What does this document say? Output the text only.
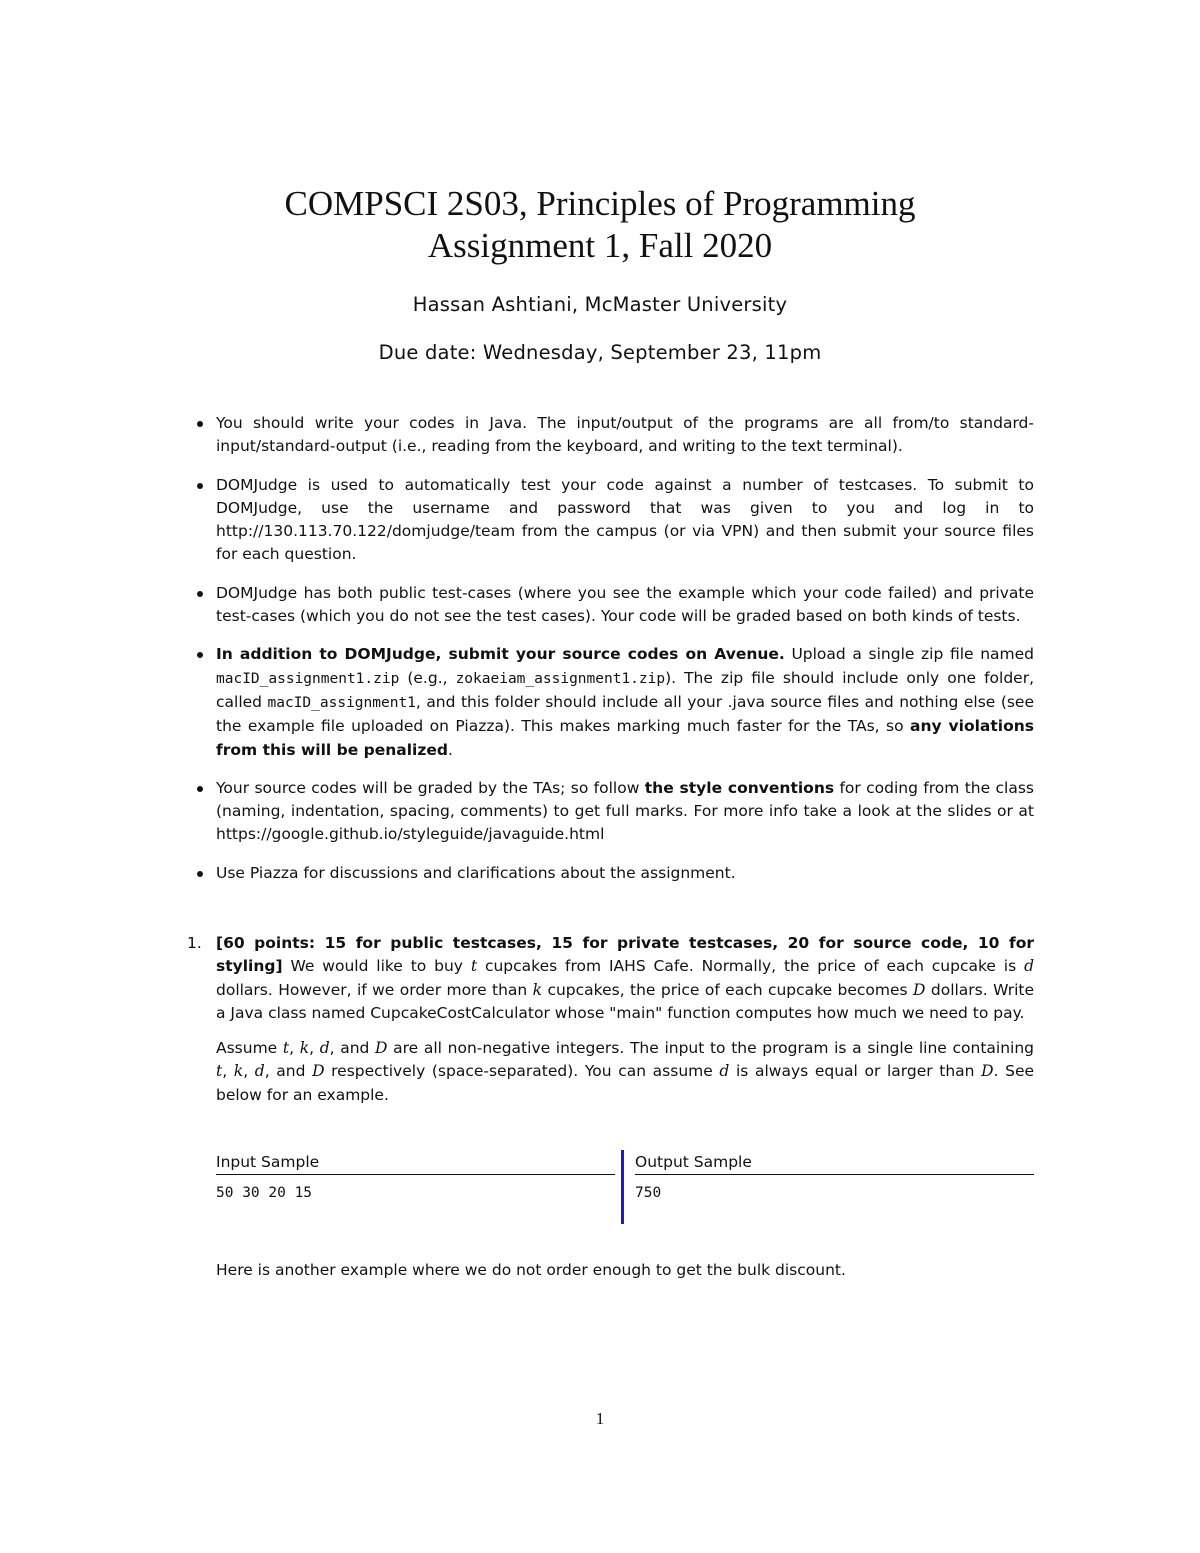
COMPSCI 2S03, Principles of Programming
Assignment 1, Fall 2020
Hassan Ashtiani, McMaster University
Due date: Wednesday, September 23, 11pm
You should write your codes in Java. The input/output of the programs are all from/to standard-input/standard-output (i.e., reading from the keyboard, and writing to the text terminal).
DOMJudge is used to automatically test your code against a number of testcases. To submit to DOMJudge, use the username and password that was given to you and log in to http://130.113.70.122/domjudge/team from the campus (or via VPN) and then submit your source files for each question.
DOMJudge has both public test-cases (where you see the example which your code failed) and private test-cases (which you do not see the test cases). Your code will be graded based on both kinds of tests.
In addition to DOMJudge, submit your source codes on Avenue. Upload a single zip file named macID_assignment1.zip (e.g., zokaeiam_assignment1.zip). The zip file should include only one folder, called macID_assignment1, and this folder should include all your .java source files and nothing else (see the example file uploaded on Piazza). This makes marking much faster for the TAs, so any violations from this will be penalized.
Your source codes will be graded by the TAs; so follow the style conventions for coding from the class (naming, indentation, spacing, comments) to get full marks. For more info take a look at the slides or at https://google.github.io/styleguide/javaguide.html
Use Piazza for discussions and clarifications about the assignment.
1. [60 points: 15 for public testcases, 15 for private testcases, 20 for source code, 10 for styling] We would like to buy t cupcakes from IAHS Cafe. Normally, the price of each cupcake is d dollars. However, if we order more than k cupcakes, the price of each cupcake becomes D dollars. Write a Java class named CupcakeCostCalculator whose "main" function computes how much we need to pay.
Assume t, k, d, and D are all non-negative integers. The input to the program is a single line containing t, k, d, and D respectively (space-separated). You can assume d is always equal or larger than D. See below for an example.
Input Sample
50 30 20 15
Output Sample
750
Here is another example where we do not order enough to get the bulk discount.
1
